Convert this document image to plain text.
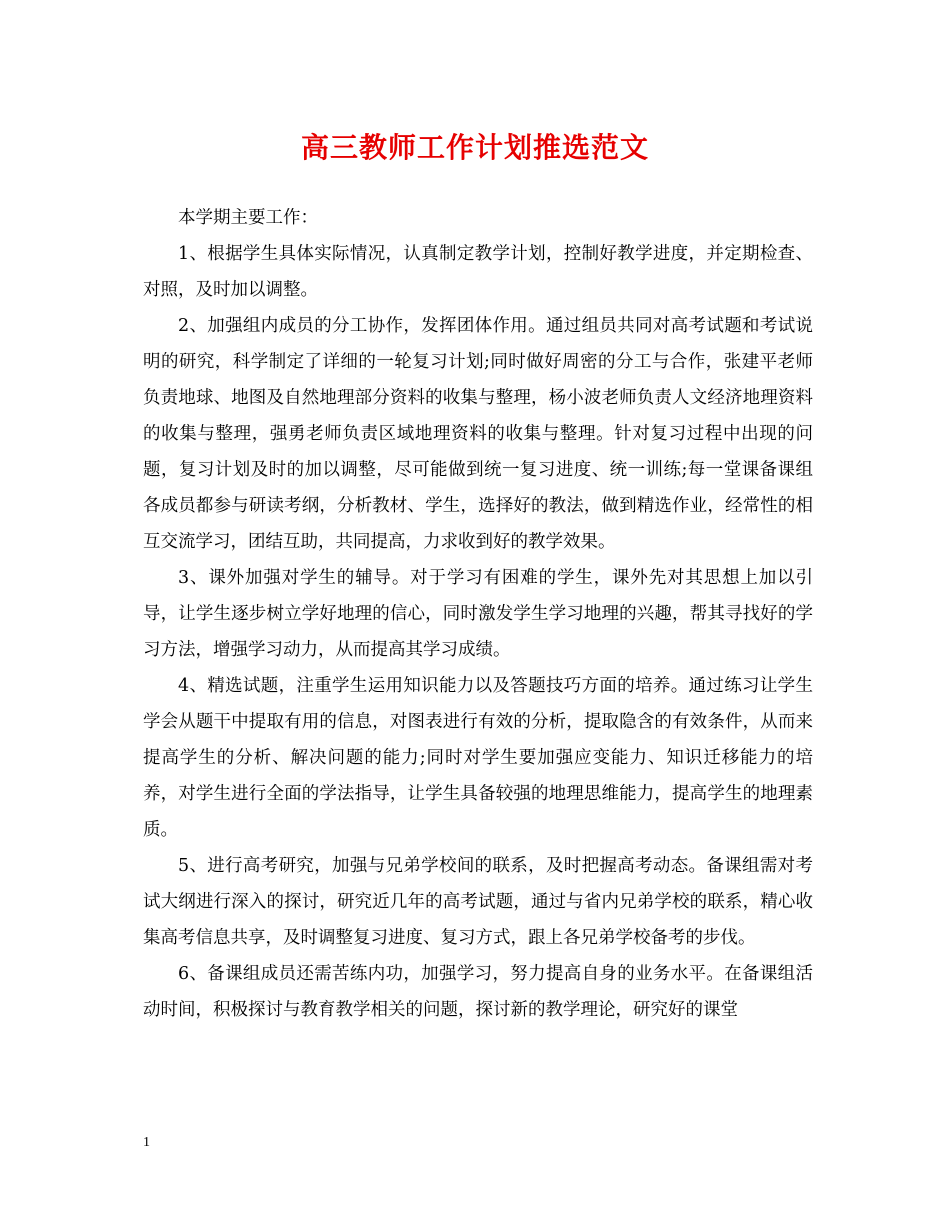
高三教师工作计划推选范文

本学期主要工作：

1、根据学生具体实际情况，认真制定教学计划，控制好教学进度，并定期检查、对照，及时加以调整。

2、加强组内成员的分工协作，发挥团体作用。通过组员共同对高考试题和考试说明的研究，科学制定了详细的一轮复习计划;同时做好周密的分工与合作，张建平老师负责地球、地图及自然地理部分资料的收集与整理，杨小波老师负责人文经济地理资料的收集与整理，强勇老师负责区域地理资料的收集与整理。针对复习过程中出现的问题，复习计划及时的加以调整，尽可能做到统一复习进度、统一训练;每一堂课备课组各成员都参与研读考纲，分析教材、学生，选择好的教法，做到精选作业，经常性的相互交流学习，团结互助，共同提高，力求收到好的教学效果。

3、课外加强对学生的辅导。对于学习有困难的学生，课外先对其思想上加以引导，让学生逐步树立学好地理的信心，同时激发学生学习地理的兴趣，帮其寻找好的学习方法，增强学习动力，从而提高其学习成绩。

4、精选试题，注重学生运用知识能力以及答题技巧方面的培养。通过练习让学生学会从题干中提取有用的信息，对图表进行有效的分析，提取隐含的有效条件，从而来提高学生的分析、解决问题的能力;同时对学生要加强应变能力、知识迁移能力的培养，对学生进行全面的学法指导，让学生具备较强的地理思维能力，提高学生的地理素质。

5、进行高考研究，加强与兄弟学校间的联系，及时把握高考动态。备课组需对考试大纲进行深入的探讨，研究近几年的高考试题，通过与省内兄弟学校的联系，精心收集高考信息共享，及时调整复习进度、复习方式，跟上各兄弟学校备考的步伐。

6、备课组成员还需苦练内功，加强学习，努力提高自身的业务水平。在备课组活动时间，积极探讨与教育教学相关的问题，探讨新的教学理论，研究好的课堂

1
